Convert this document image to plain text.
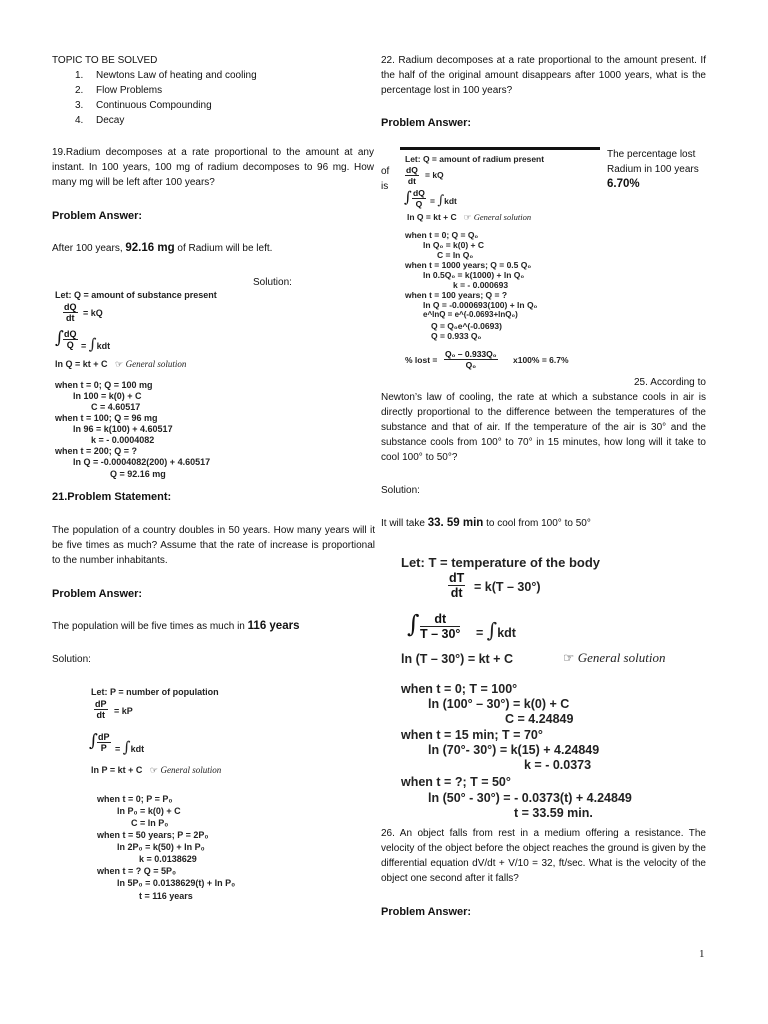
TOPIC TO BE SOLVED
1. Newtons Law of heating and cooling
2. Flow Problems
3. Continuous Compounding
4. Decay
19.Radium decomposes at a rate proportional to the amount at any instant. In 100 years, 100 mg of radium decomposes to 96 mg. How many mg will be left after 100 years?
Problem Answer:
After 100 years, 92.16 mg of Radium will be left.
Solution:
Let: Q = amount of substance present
$\frac{dQ}{dt}$ = kQ
∫ $\frac{dQ}{Q} = \int kdt$
ln Q = kt + C ☞ General solution
when t = 0; Q = 100 mg
ln 100 = k(0) + C
C = 4.60517
when t = 100; Q = 96 mg
ln 96 = k(100) + 4.60517
k = - 0.0004082
when t = 200; Q = ?
ln Q = -0.0004082(200) + 4.60517
Q = 92.16 mg
21.Problem Statement:
The population of a country doubles in 50 years. How many years will it be five times as much? Assume that the rate of increase is proportional to the number inhabitants.
Problem Answer:
The population will be five times as much in 116 years
Solution:
Let: P = number of population
$\frac{dP}{dt}$ = kP
∫ $\frac{dP}{P} = \int kdt$
ln P = kt + C ☞ General solution
when t = 0; P = P₀
ln P₀ = k(0) + C
C = ln P₀
when t = 50 years; P = 2P₀
ln 2P₀ = k(50) + ln P₀
k = 0.0138629
when t = ? Q = 5P₀
ln 5P₀ = 0.0138629(t) + ln P₀
t = 116 years
22. Radium decomposes at a rate proportional to the amount present. If the half of the original amount disappears after 1000 years, what is the percentage lost in 100 years?
Problem Answer:
of
is
The percentage lost Radium in 100 years 6.70%
Let: Q = amount of radium present
$\frac{dQ}{dt}$ = kQ
∫ $\frac{dQ}{Q} = \int kdt$
ln Q = kt + C ☞ General solution
when t = 0; Q = Q₀
ln Q₀ = k(0) + C
C = ln Q₀
when t = 1000 years; Q = 0.5 Q₀
ln 0.5Q₀ = k(1000) + ln Q₀
k = - 0.000693
when t = 100 years; Q = ?
ln Q = -0.000693(100) + ln Q₀
e^lnQ = e^(-0.0693+lnQ₀)
Q = Q₀e^(-0.0693)
Q = 0.933 Q₀
% lost = $\frac{\text{Q₀ – 0.933Q₀}}{\text{Q₀}} x100\% = 6.7\%$
25. According to Newton’s law of cooling, the rate at which a substance cools in air is directly proportional to the difference between the temperatures of the substance and that of air. If the temperature of the air is 30° and the substance cools from 100° to 70° in 15 minutes, how long will it take to cool 100° to 50°?
Solution:
It will take 33. 59 min to cool from 100° to 50°
Let: T = temperature of the body
$\frac{dT}{dt} = k(T - 30^\circ)$
∫ $\frac{dt}{T - 30^\circ} = \int kdt$
ln (T – 30°) = kt + C	☞ General solution
when t = 0; T = 100°
ln (100° – 30°) = k(0) + C
C = 4.24849
when t = 15 min; T = 70°
ln (70°- 30°) = k(15) + 4.24849
k = - 0.0373
when t = ?; T = 50°
ln (50° - 30°) = - 0.0373(t) + 4.24849
t = 33.59 min.
26. An object falls from rest in a medium offering a resistance. The velocity of the object before the object reaches the ground is given by the differential equation dV/dt + V/10 = 32, ft/sec. What is the velocity of the object one second after it falls?
Problem Answer:
1
